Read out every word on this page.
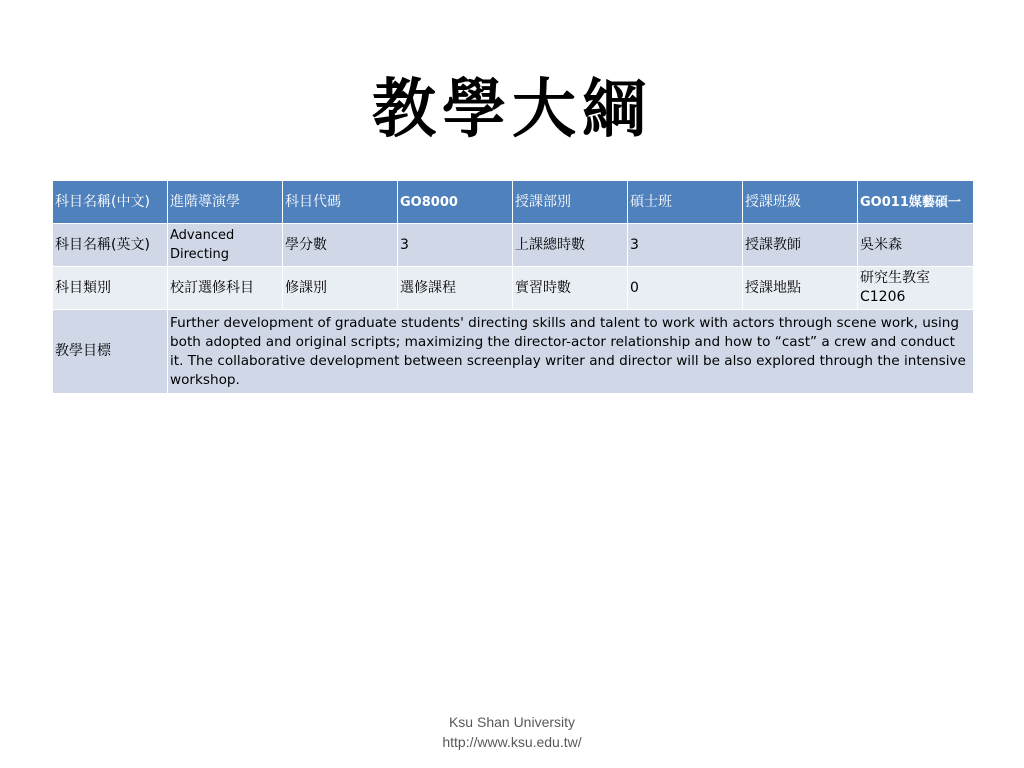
教學大綱
科目名稱(中文)	進階導演學	科目代碼	GO8000	授課部別	碩士班	授課班級	GO011媒藝碩一
科目名稱(英文)	Advanced Directing	學分數	3	上課總時數	3	授課教師	吳米森
科目類別	校訂選修科目	修課別	選修課程	實習時數	0	授課地點	研究生教室C1206
教學目標	Further development of graduate students' directing skills and talent to work with actors through scene work, using both adopted and original scripts; maximizing the director-actor relationship and how to “cast” a crew and conduct it. The collaborative development between screenplay writer and director will be also explored through the intensive workshop.						
Ksu Shan University
http://www.ksu.edu.tw/
